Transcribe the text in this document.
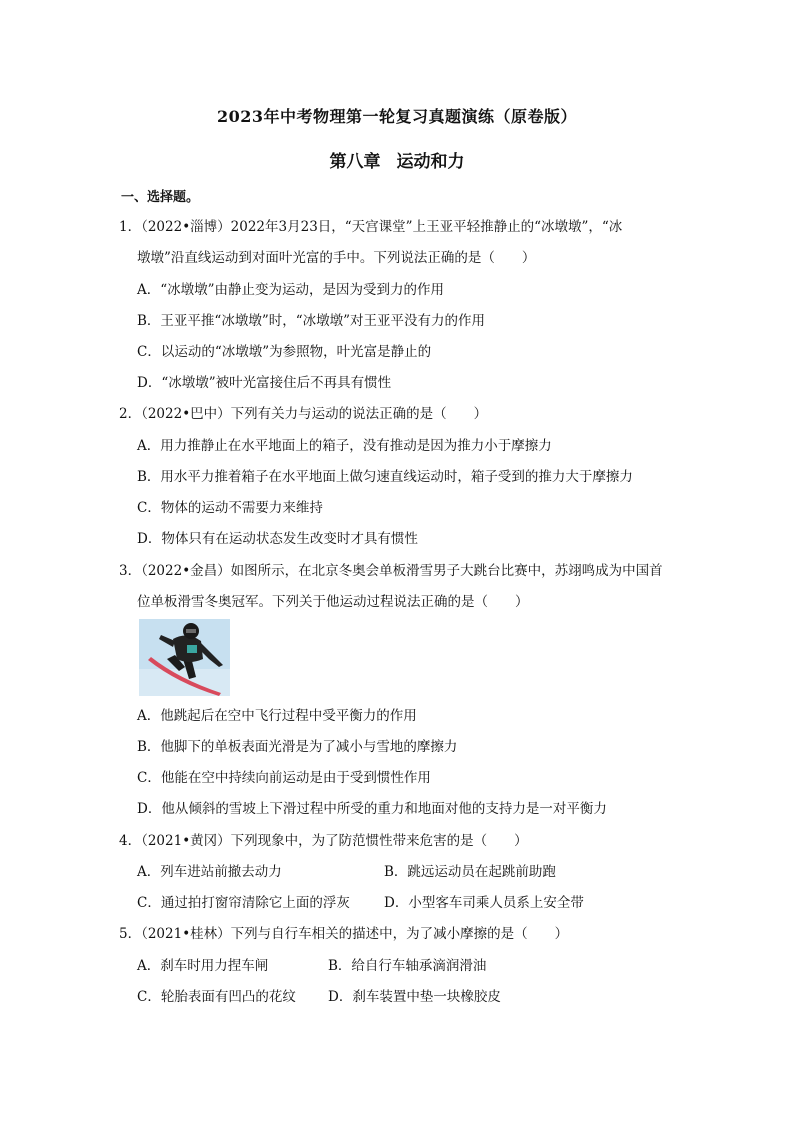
2023年中考物理第一轮复习真题演练（原卷版）
第八章 运动和力
一、选择题。
1．（2022•淄博）2022年3月23日，“天宫课堂”上王亚平轻推静止的“冰墩墩”，“冰
墩墩”沿直线运动到对面叶光富的手中。下列说法正确的是（　　）
A．“冰墩墩”由静止变为运动，是因为受到力的作用
B．王亚平推“冰墩墩”时，“冰墩墩”对王亚平没有力的作用
C．以运动的“冰墩墩”为参照物，叶光富是静止的
D．“冰墩墩”被叶光富接住后不再具有惯性
2．（2022•巴中）下列有关力与运动的说法正确的是（　　）
A．用力推静止在水平地面上的箱子，没有推动是因为推力小于摩擦力
B．用水平力推着箱子在水平地面上做匀速直线运动时，箱子受到的推力大于摩擦力
C．物体的运动不需要力来维持
D．物体只有在运动状态发生改变时才具有惯性
3．（2022•金昌）如图所示，在北京冬奥会单板滑雪男子大跳台比赛中，苏翊鸣成为中国首
位单板滑雪冬奥冠军。下列关于他运动过程说法正确的是（　　）
A．他跳起后在空中飞行过程中受平衡力的作用
B．他脚下的单板表面光滑是为了减小与雪地的摩擦力
C．他能在空中持续向前运动是由于受到惯性作用
D．他从倾斜的雪坡上下滑过程中所受的重力和地面对他的支持力是一对平衡力
4．（2021•黄冈）下列现象中，为了防范惯性带来危害的是（　　）
A．列车进站前撤去动力	B．跳远运动员在起跳前助跑
C．通过拍打窗帘清除它上面的浮灰	D．小型客车司乘人员系上安全带
5．（2021•桂林）下列与自行车相关的描述中，为了减小摩擦的是（　　）
A．刹车时用力捏车闸	B．给自行车轴承滴润滑油
C．轮胎表面有凹凸的花纹 D．刹车装置中垫一块橡胶皮
